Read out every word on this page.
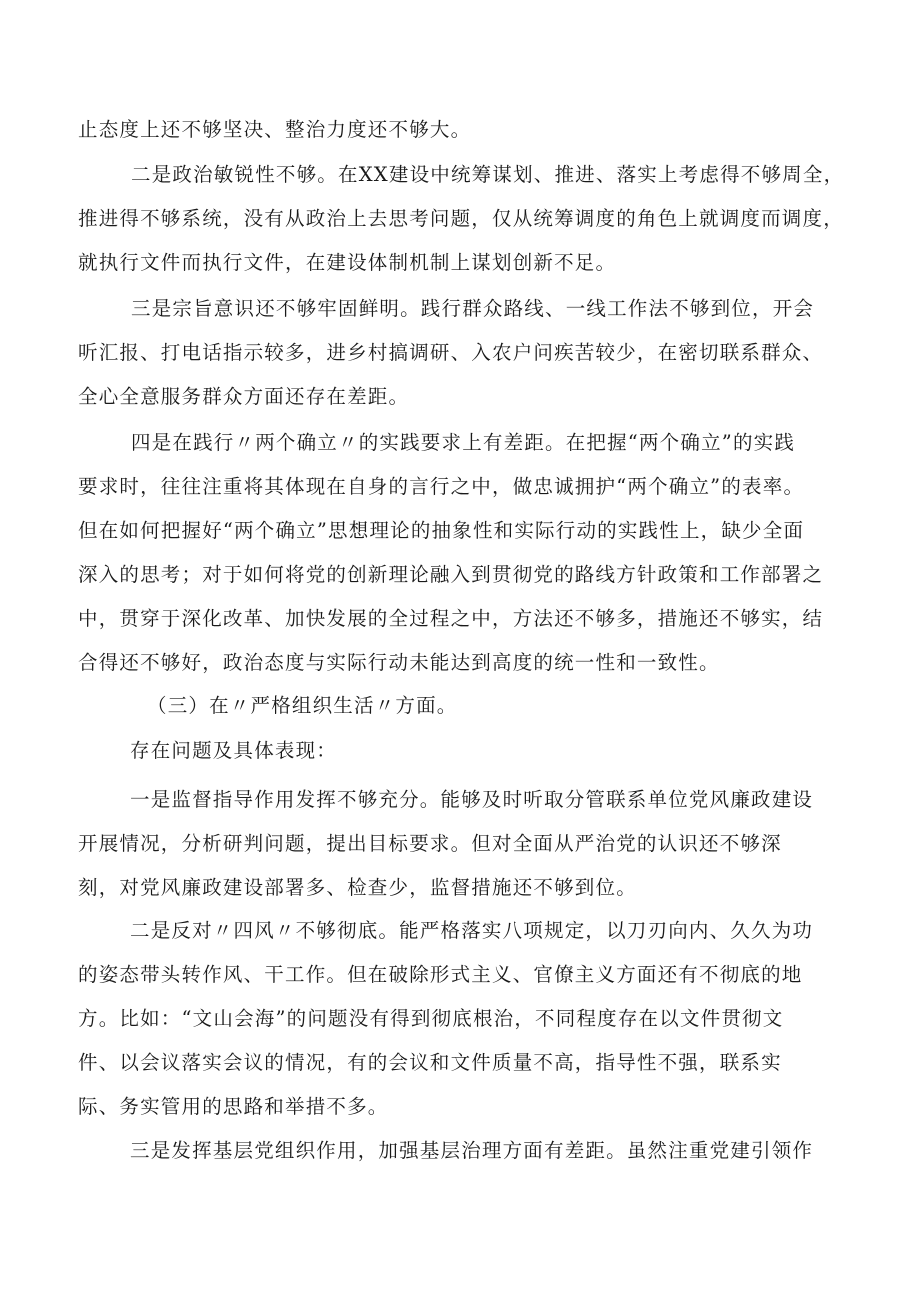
止态度上还不够坚决、整治力度还不够大。
二是政治敏锐性不够。在XX建设中统筹谋划、推进、落实上考虑得不够周全，
推进得不够系统，没有从政治上去思考问题，仅从统筹调度的角色上就调度而调度，
就执行文件而执行文件，在建设体制机制上谋划创新不足。
三是宗旨意识还不够牢固鲜明。践行群众路线、一线工作法不够到位，开会
听汇报、打电话指示较多，进乡村搞调研、入农户问疾苦较少，在密切联系群众、
全心全意服务群众方面还存在差距。
四是在践行〃两个确立〃的实践要求上有差距。在把握“两个确立”的实践
要求时，往往注重将其体现在自身的言行之中，做忠诚拥护“两个确立”的表率。
但在如何把握好“两个确立”思想理论的抽象性和实际行动的实践性上，缺少全面
深入的思考；对于如何将党的创新理论融入到贯彻党的路线方针政策和工作部署之
中，贯穿于深化改革、加快发展的全过程之中，方法还不够多，措施还不够实，结
合得还不够好，政治态度与实际行动未能达到高度的统一性和一致性。
（三）在〃严格组织生活〃方面。
存在问题及具体表现：
一是监督指导作用发挥不够充分。能够及时听取分管联系单位党风廉政建设
开展情况，分析研判问题，提出目标要求。但对全面从严治党的认识还不够深
刻，对党风廉政建设部署多、检查少，监督措施还不够到位。
二是反对〃四风〃不够彻底。能严格落实八项规定，以刀刃向内、久久为功
的姿态带头转作风、干工作。但在破除形式主义、官僚主义方面还有不彻底的地
方。比如：“文山会海”的问题没有得到彻底根治，不同程度存在以文件贯彻文
件、以会议落实会议的情况，有的会议和文件质量不高，指导性不强，联系实
际、务实管用的思路和举措不多。
三是发挥基层党组织作用，加强基层治理方面有差距。虽然注重党建引领作
